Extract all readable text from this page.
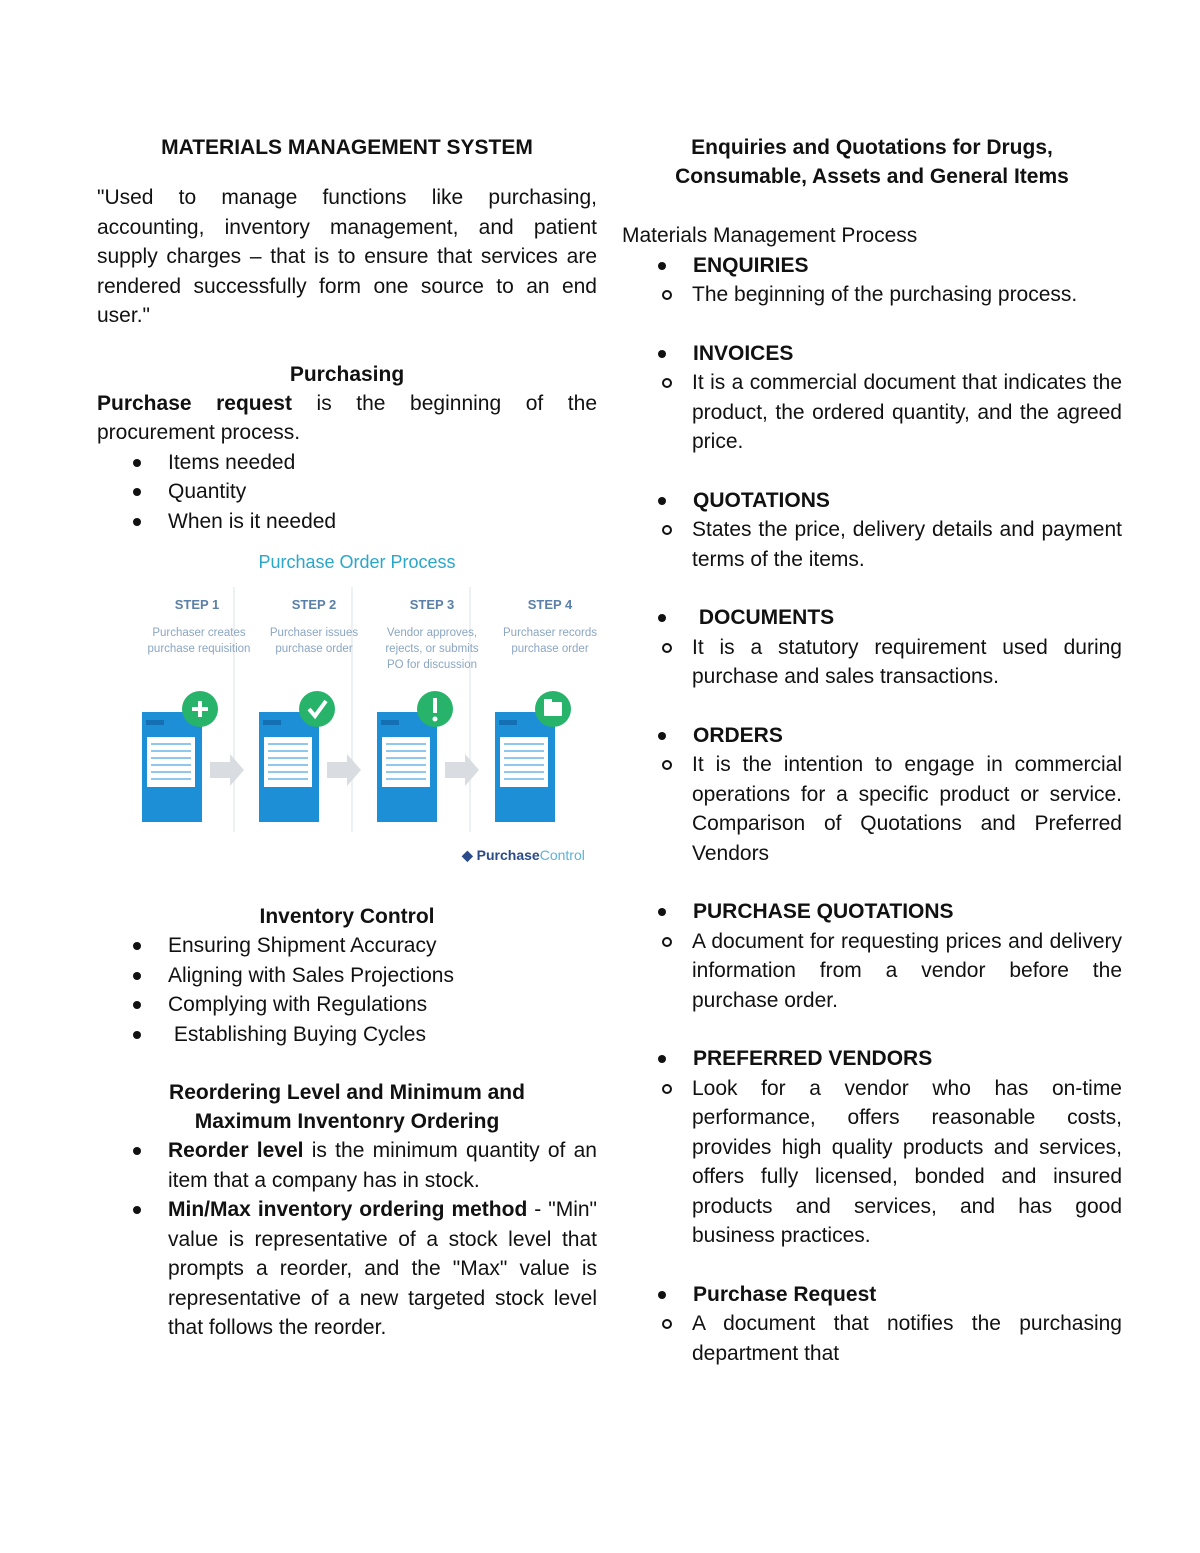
MATERIALS MANAGEMENT SYSTEM

"Used to manage functions like purchasing, accounting, inventory management, and patient supply charges – that is to ensure that services are rendered successfully form one source to an end user."

Purchasing

Purchase request is the beginning of the procurement process.

Items needed
Quantity
When is it needed
Purchase Order Process
STEP 1
Purchaser creates purchase requisition
STEP 2
Purchaser issues purchase order
STEP 3
Vendor approves, rejects, or submits PO for discussion
STEP 4
Purchaser records purchase order
◆ PurchaseControl

Inventory Control

Ensuring Shipment Accuracy
Aligning with Sales Projections
Complying with Regulations
Establishing Buying Cycles

Reordering Level and Minimum and

Maximum Inventonry Ordering

Reorder level is the minimum quantity of an item that a company has in stock.
Min/Max inventory ordering method - "Min" value is representative of a stock level that prompts a reorder, and the "Max" value is representative of a new targeted stock level that follows the reorder.

Enquiries and Quotations for Drugs,

Consumable, Assets and General Items

Materials Management Process

ENQUIRIES
The beginning of the purchasing process.
INVOICES
It is a commercial document that indicates the product, the ordered quantity, and the agreed price.
QUOTATIONS
States the price, delivery details and payment terms of the items.
DOCUMENTS
It is a statutory requirement used during purchase and sales transactions.
ORDERS
It is the intention to engage in commercial operations for a specific product or service. Comparison of Quotations and Preferred Vendors
PURCHASE QUOTATIONS
A document for requesting prices and delivery information from a vendor before the purchase order.
PREFERRED VENDORS
Look for a vendor who has on-time performance, offers reasonable costs, provides high quality products and services, offers fully licensed, bonded and insured products and services, and has good business practices.
Purchase Request
A document that notifies the purchasing department that
